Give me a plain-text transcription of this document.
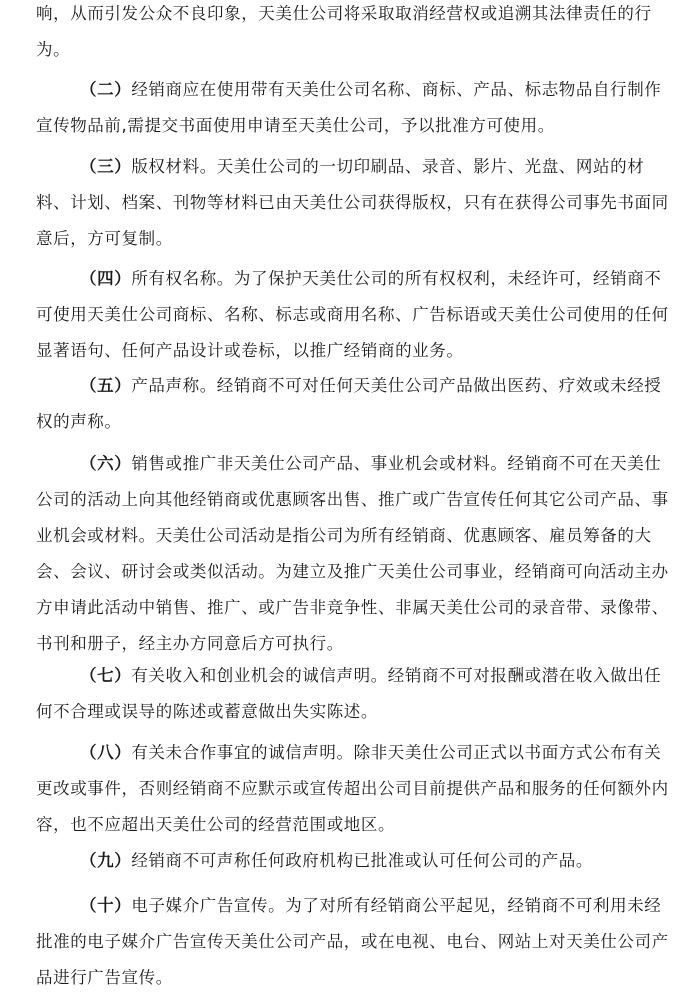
响，从而引发公众不良印象，天美仕公司将采取取消经营权或追溯其法律责任的行
为。
（二）经销商应在使用带有天美仕公司名称、商标、产品、标志物品自行制作
宣传物品前,需提交书面使用申请至天美仕公司，予以批准方可使用。
（三）版权材料。天美仕公司的一切印刷品、录音、影片、光盘、网站的材
料、计划、档案、刊物等材料已由天美仕公司获得版权，只有在获得公司事先书面同
意后，方可复制。
（四）所有权名称。为了保护天美仕公司的所有权权利，未经许可，经销商不
可使用天美仕公司商标、名称、标志或商用名称、广告标语或天美仕公司使用的任何
显著语句、任何产品设计或卷标，以推广经销商的业务。
（五）产品声称。经销商不可对任何天美仕公司产品做出医药、疗效或未经授
权的声称。
（六）销售或推广非天美仕公司产品、事业机会或材料。经销商不可在天美仕
公司的活动上向其他经销商或优惠顾客出售、推广或广告宣传任何其它公司产品、事
业机会或材料。天美仕公司活动是指公司为所有经销商、优惠顾客、雇员筹备的大
会、会议、研讨会或类似活动。为建立及推广天美仕公司事业，经销商可向活动主办
方申请此活动中销售、推广、或广告非竞争性、非属天美仕公司的录音带、录像带、
书刊和册子，经主办方同意后方可执行。
（七）有关收入和创业机会的诚信声明。经销商不可对报酬或潜在收入做出任
何不合理或误导的陈述或蓄意做出失实陈述。
（八）有关未合作事宜的诚信声明。除非天美仕公司正式以书面方式公布有关
更改或事件，否则经销商不应默示或宣传超出公司目前提供产品和服务的任何额外内
容，也不应超出天美仕公司的经营范围或地区。
（九）经销商不可声称任何政府机构已批准或认可任何公司的产品。
（十）电子媒介广告宣传。为了对所有经销商公平起见，经销商不可利用未经
批准的电子媒介广告宣传天美仕公司产品，或在电视、电台、网站上对天美仕公司产
品进行广告宣传。
